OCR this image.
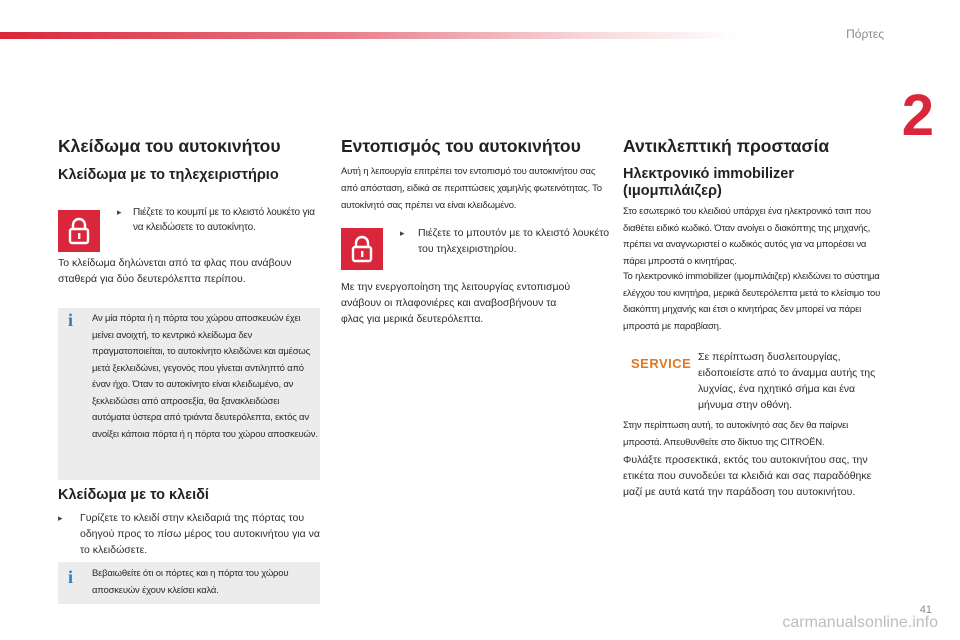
Πόρτες
2
Κλείδωμα του αυτοκινήτου
Κλείδωμα με το τηλεχειριστήριο
▸	Πιέζετε το κουμπί με το κλειστό λουκέτο για να κλειδώσετε το αυτοκίνητο.
Το κλείδωμα δηλώνεται από τα φλας που ανάβουν σταθερά για δύο δευτερόλεπτα περίπου.
i Αν μία πόρτα ή η πόρτα του χώρου αποσκευών έχει μείνει ανοιχτή, το κεντρικό κλείδωμα δεν πραγματοποιείται, το αυτοκίνητο κλειδώνει και αμέσως μετά ξεκλειδώνει, γεγονός που γίνεται αντιληπτό από έναν ήχο. Όταν το αυτοκίνητο είναι κλειδωμένο, αν ξεκλειδώσει από απροσεξία, θα ξανακλειδώσει αυτόματα ύστερα από τριάντα δευτερόλεπτα, εκτός αν ανοίξει κάποια πόρτα ή η πόρτα του χώρου αποσκευών.
Κλείδωμα με το κλειδί
▸	Γυρίζετε το κλειδί στην κλειδαριά της πόρτας του οδηγού προς το πίσω μέρος του αυτοκινήτου για να το κλειδώσετε.
i Βεβαιωθείτε ότι οι πόρτες και η πόρτα του χώρου αποσκευών έχουν κλείσει καλά.
Εντοπισμός του αυτοκινήτου
Αυτή η λειτουργία επιτρέπει τον εντοπισμό του αυτοκινήτου σας από απόσταση, ειδικά σε περιπτώσεις χαμηλής φωτεινότητας. Το αυτοκίνητό σας πρέπει να είναι κλειδωμένο.
▸	Πιέζετε το μπουτόν με το κλειστό λουκέτο του τηλεχειριστηρίου.
Με την ενεργοποίηση της λειτουργίας εντοπισμού ανάβουν οι πλαφονιέρες και αναβοσβήνουν τα φλας για μερικά δευτερόλεπτα.
Αντικλεπτική προστασία
Ηλεκτρονικό immobilizer (ιμομπιλάιζερ)
Στο εσωτερικό του κλειδιού υπάρχει ένα ηλεκτρονικό τσιπ που διαθέτει ειδικό κωδικό. Όταν ανοίγει ο διακόπτης της μηχανής, πρέπει να αναγνωριστεί ο κωδικός αυτός για να μπορέσει να πάρει μπροστά ο κινητήρας.
Το ηλεκτρονικό immobilizer (ιμομπιλάιζερ) κλειδώνει το σύστημα ελέγχου του κινητήρα, μερικά δευτερόλεπτα μετά το κλείσιμο του διακόπτη μηχανής και έτσι ο κινητήρας δεν μπορεί να πάρει μπροστά με παραβίαση.
SERVICE Σε περίπτωση δυσλειτουργίας, ειδοποιείστε από το άναμμα αυτής της λυχνίας, ένα ηχητικό σήμα και ένα μήνυμα στην οθόνη.
Στην περίπτωση αυτή, το αυτοκίνητό σας δεν θα παίρνει μπροστά. Απευθυνθείτε στο δίκτυο της CITROËN.
Φυλάξτε προσεκτικά, εκτός του αυτοκινήτου σας, την ετικέτα που συνοδεύει τα κλειδιά και σας παραδόθηκε μαζί με αυτά κατά την παράδοση του αυτοκινήτου.
41
carmanualsonline.info
